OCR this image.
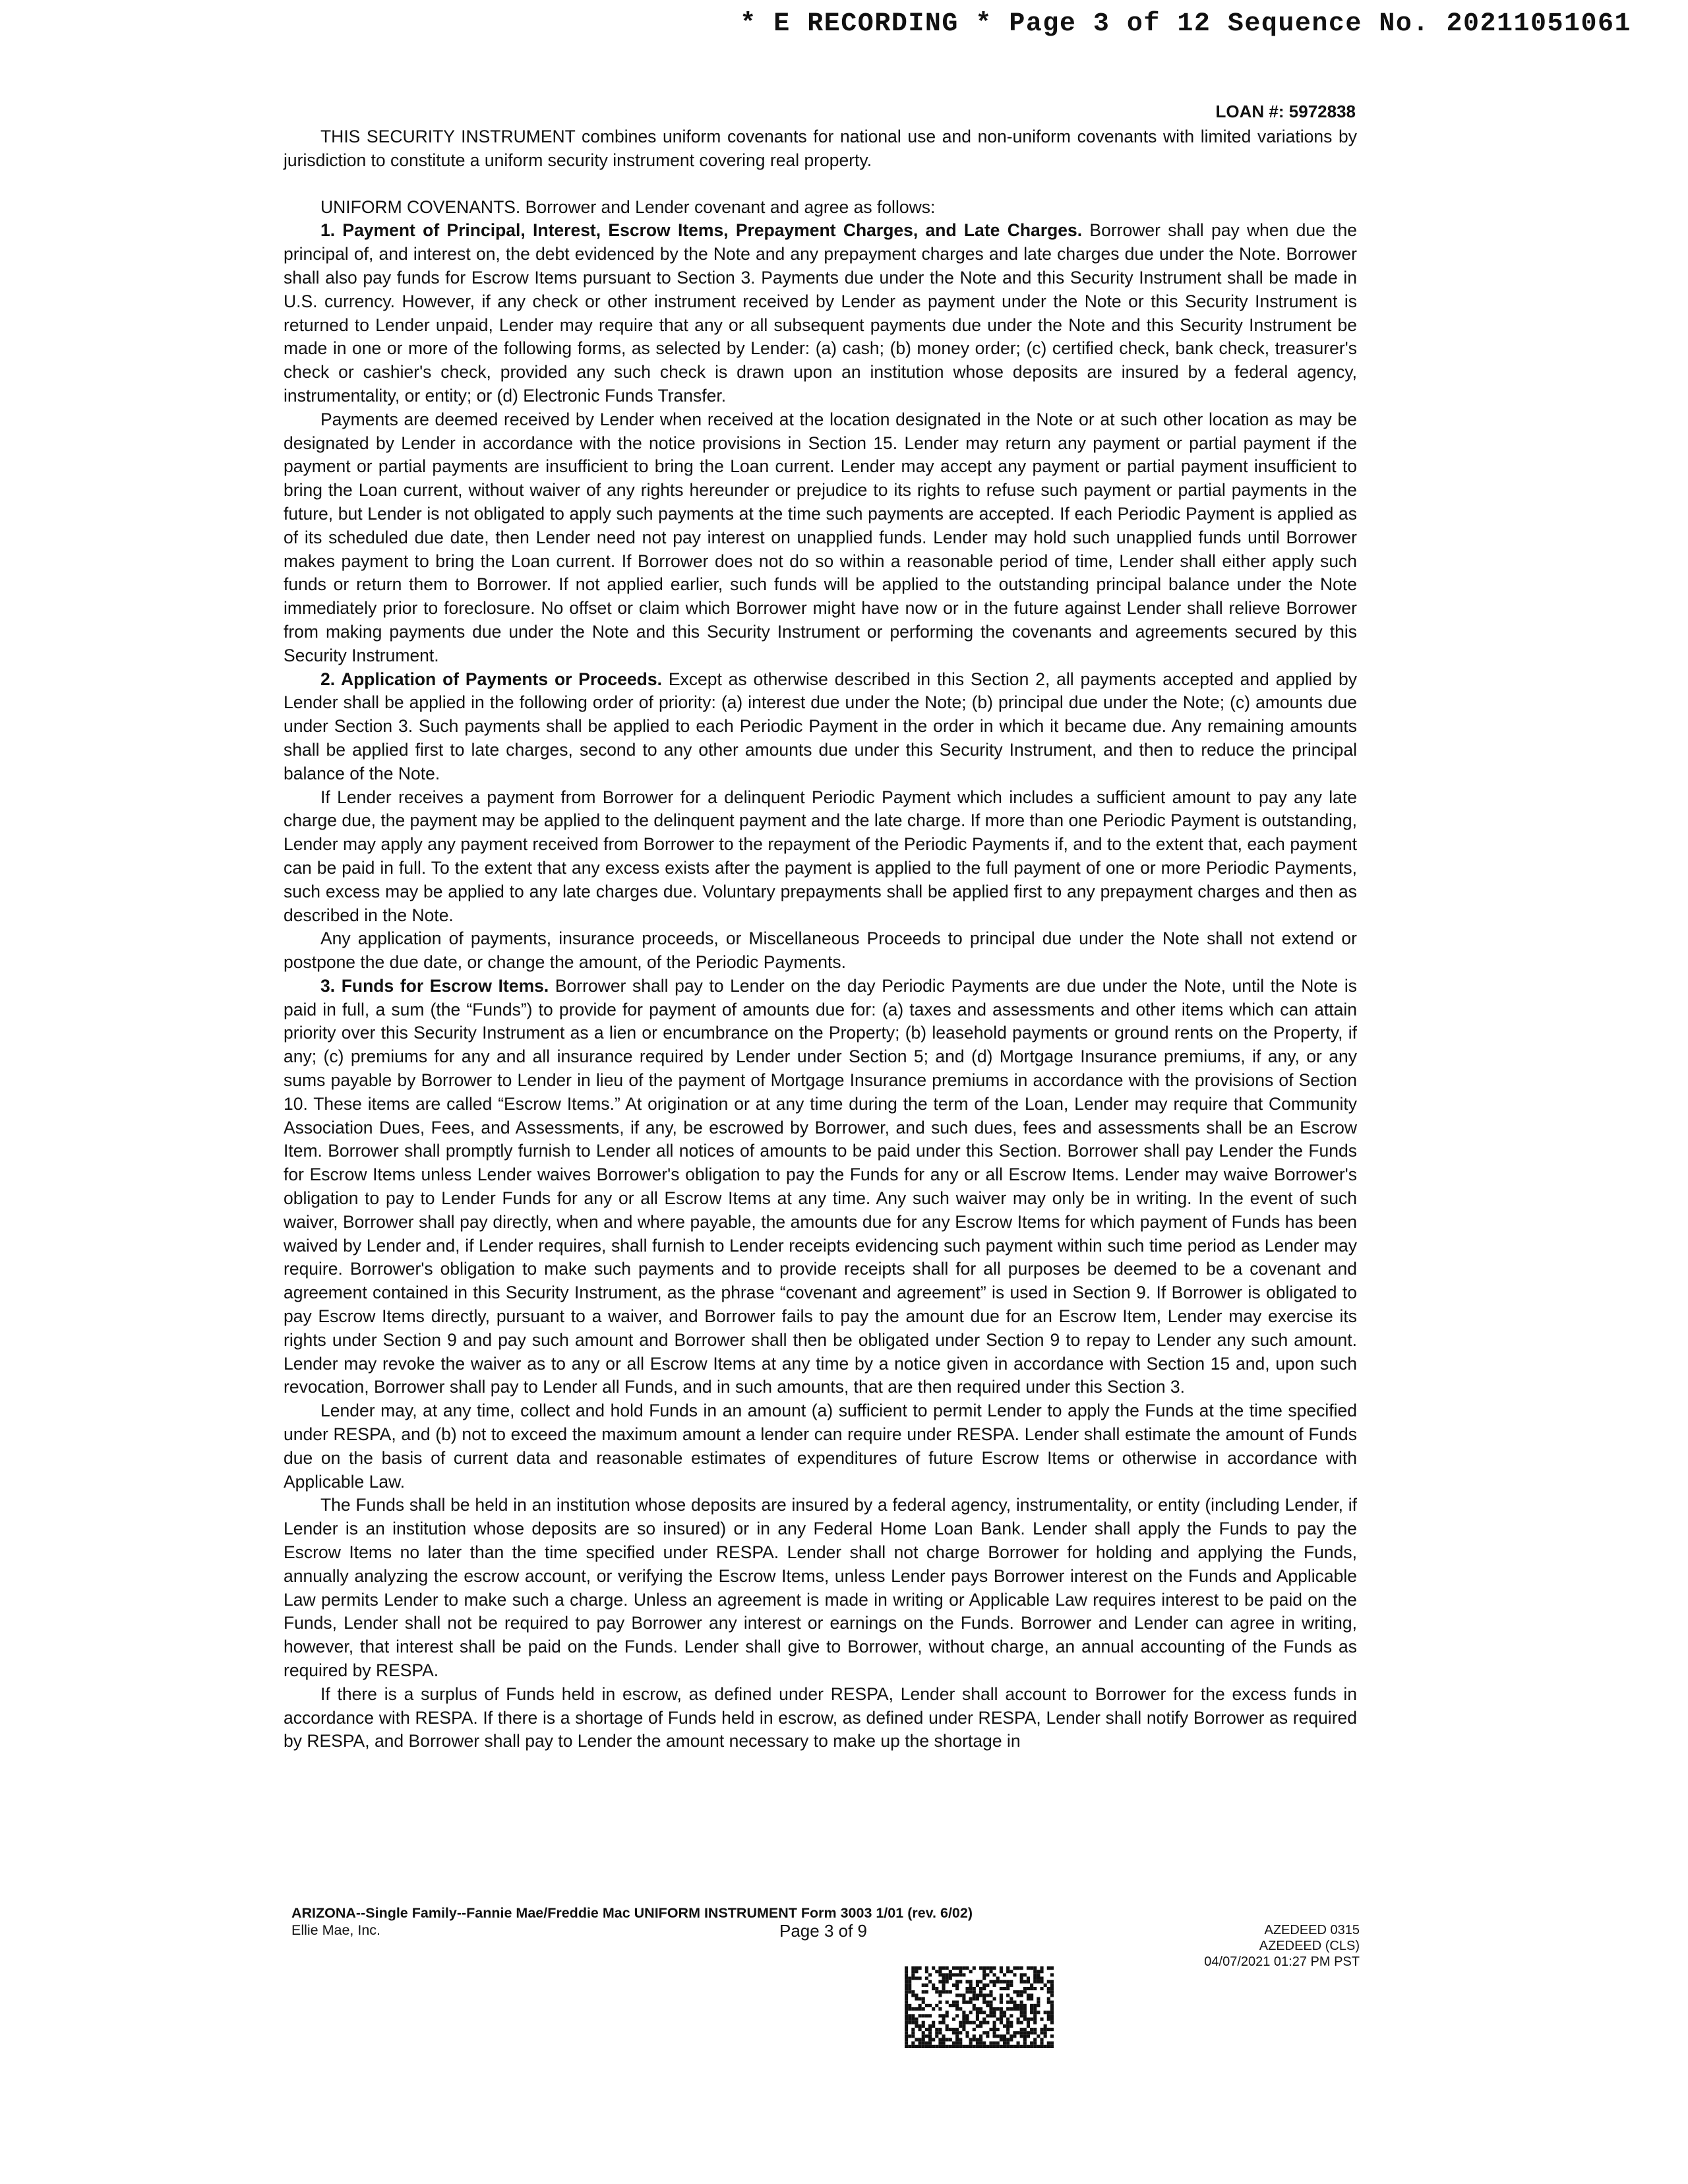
* E RECORDING * Page 3 of 12 Sequence No. 20211051061
LOAN #: 5972838

THIS SECURITY INSTRUMENT combines uniform covenants for national use and non-uniform covenants with limited variations by jurisdiction to constitute a uniform security instrument covering real property.

UNIFORM COVENANTS. Borrower and Lender covenant and agree as follows:

1. Payment of Principal, Interest, Escrow Items, Prepayment Charges, and Late Charges. Borrower shall pay when due the principal of, and interest on, the debt evidenced by the Note and any prepayment charges and late charges due under the Note. Borrower shall also pay funds for Escrow Items pursuant to Section 3. Payments due under the Note and this Security Instrument shall be made in U.S. currency. However, if any check or other instrument received by Lender as payment under the Note or this Security Instrument is returned to Lender unpaid, Lender may require that any or all subsequent payments due under the Note and this Security Instrument be made in one or more of the following forms, as selected by Lender: (a) cash; (b) money order; (c) certified check, bank check, treasurer's check or cashier's check, provided any such check is drawn upon an institution whose deposits are insured by a federal agency, instrumentality, or entity; or (d) Electronic Funds Transfer.

Payments are deemed received by Lender when received at the location designated in the Note or at such other location as may be designated by Lender in accordance with the notice provisions in Section 15. Lender may return any payment or partial payment if the payment or partial payments are insufficient to bring the Loan current. Lender may accept any payment or partial payment insufficient to bring the Loan current, without waiver of any rights hereunder or prejudice to its rights to refuse such payment or partial payments in the future, but Lender is not obligated to apply such payments at the time such payments are accepted. If each Periodic Payment is applied as of its scheduled due date, then Lender need not pay interest on unapplied funds. Lender may hold such unapplied funds until Borrower makes payment to bring the Loan current. If Borrower does not do so within a reasonable period of time, Lender shall either apply such funds or return them to Borrower. If not applied earlier, such funds will be applied to the outstanding principal balance under the Note immediately prior to foreclosure. No offset or claim which Borrower might have now or in the future against Lender shall relieve Borrower from making payments due under the Note and this Security Instrument or performing the covenants and agreements secured by this Security Instrument.

2. Application of Payments or Proceeds. Except as otherwise described in this Section 2, all payments accepted and applied by Lender shall be applied in the following order of priority: (a) interest due under the Note; (b) principal due under the Note; (c) amounts due under Section 3. Such payments shall be applied to each Periodic Payment in the order in which it became due. Any remaining amounts shall be applied first to late charges, second to any other amounts due under this Security Instrument, and then to reduce the principal balance of the Note.

If Lender receives a payment from Borrower for a delinquent Periodic Payment which includes a sufficient amount to pay any late charge due, the payment may be applied to the delinquent payment and the late charge. If more than one Periodic Payment is outstanding, Lender may apply any payment received from Borrower to the repayment of the Periodic Payments if, and to the extent that, each payment can be paid in full. To the extent that any excess exists after the payment is applied to the full payment of one or more Periodic Payments, such excess may be applied to any late charges due. Voluntary prepayments shall be applied first to any prepayment charges and then as described in the Note.

Any application of payments, insurance proceeds, or Miscellaneous Proceeds to principal due under the Note shall not extend or postpone the due date, or change the amount, of the Periodic Payments.

3. Funds for Escrow Items. Borrower shall pay to Lender on the day Periodic Payments are due under the Note, until the Note is paid in full, a sum (the “Funds”) to provide for payment of amounts due for: (a) taxes and assessments and other items which can attain priority over this Security Instrument as a lien or encumbrance on the Property; (b) leasehold payments or ground rents on the Property, if any; (c) premiums for any and all insurance required by Lender under Section 5; and (d) Mortgage Insurance premiums, if any, or any sums payable by Borrower to Lender in lieu of the payment of Mortgage Insurance premiums in accordance with the provisions of Section 10. These items are called “Escrow Items.” At origination or at any time during the term of the Loan, Lender may require that Community Association Dues, Fees, and Assessments, if any, be escrowed by Borrower, and such dues, fees and assessments shall be an Escrow Item. Borrower shall promptly furnish to Lender all notices of amounts to be paid under this Section. Borrower shall pay Lender the Funds for Escrow Items unless Lender waives Borrower's obligation to pay the Funds for any or all Escrow Items. Lender may waive Borrower's obligation to pay to Lender Funds for any or all Escrow Items at any time. Any such waiver may only be in writing. In the event of such waiver, Borrower shall pay directly, when and where payable, the amounts due for any Escrow Items for which payment of Funds has been waived by Lender and, if Lender requires, shall furnish to Lender receipts evidencing such payment within such time period as Lender may require. Borrower's obligation to make such payments and to provide receipts shall for all purposes be deemed to be a covenant and agreement contained in this Security Instrument, as the phrase “covenant and agreement” is used in Section 9. If Borrower is obligated to pay Escrow Items directly, pursuant to a waiver, and Borrower fails to pay the amount due for an Escrow Item, Lender may exercise its rights under Section 9 and pay such amount and Borrower shall then be obligated under Section 9 to repay to Lender any such amount. Lender may revoke the waiver as to any or all Escrow Items at any time by a notice given in accordance with Section 15 and, upon such revocation, Borrower shall pay to Lender all Funds, and in such amounts, that are then required under this Section 3.

Lender may, at any time, collect and hold Funds in an amount (a) sufficient to permit Lender to apply the Funds at the time specified under RESPA, and (b) not to exceed the maximum amount a lender can require under RESPA. Lender shall estimate the amount of Funds due on the basis of current data and reasonable estimates of expenditures of future Escrow Items or otherwise in accordance with Applicable Law.

The Funds shall be held in an institution whose deposits are insured by a federal agency, instrumentality, or entity (including Lender, if Lender is an institution whose deposits are so insured) or in any Federal Home Loan Bank. Lender shall apply the Funds to pay the Escrow Items no later than the time specified under RESPA. Lender shall not charge Borrower for holding and applying the Funds, annually analyzing the escrow account, or verifying the Escrow Items, unless Lender pays Borrower interest on the Funds and Applicable Law permits Lender to make such a charge. Unless an agreement is made in writing or Applicable Law requires interest to be paid on the Funds, Lender shall not be required to pay Borrower any interest or earnings on the Funds. Borrower and Lender can agree in writing, however, that interest shall be paid on the Funds. Lender shall give to Borrower, without charge, an annual accounting of the Funds as required by RESPA.

If there is a surplus of Funds held in escrow, as defined under RESPA, Lender shall account to Borrower for the excess funds in accordance with RESPA. If there is a shortage of Funds held in escrow, as defined under RESPA, Lender shall notify Borrower as required by RESPA, and Borrower shall pay to Lender the amount necessary to make up the shortage in

ARIZONA--Single Family--Fannie Mae/Freddie Mac UNIFORM INSTRUMENT Form 3003 1/01 (rev. 6/02)
Ellie Mae, Inc.	Page 3 of 9	AZEDEED 0315
AZEDEED (CLS)
04/07/2021 01:27 PM PST
